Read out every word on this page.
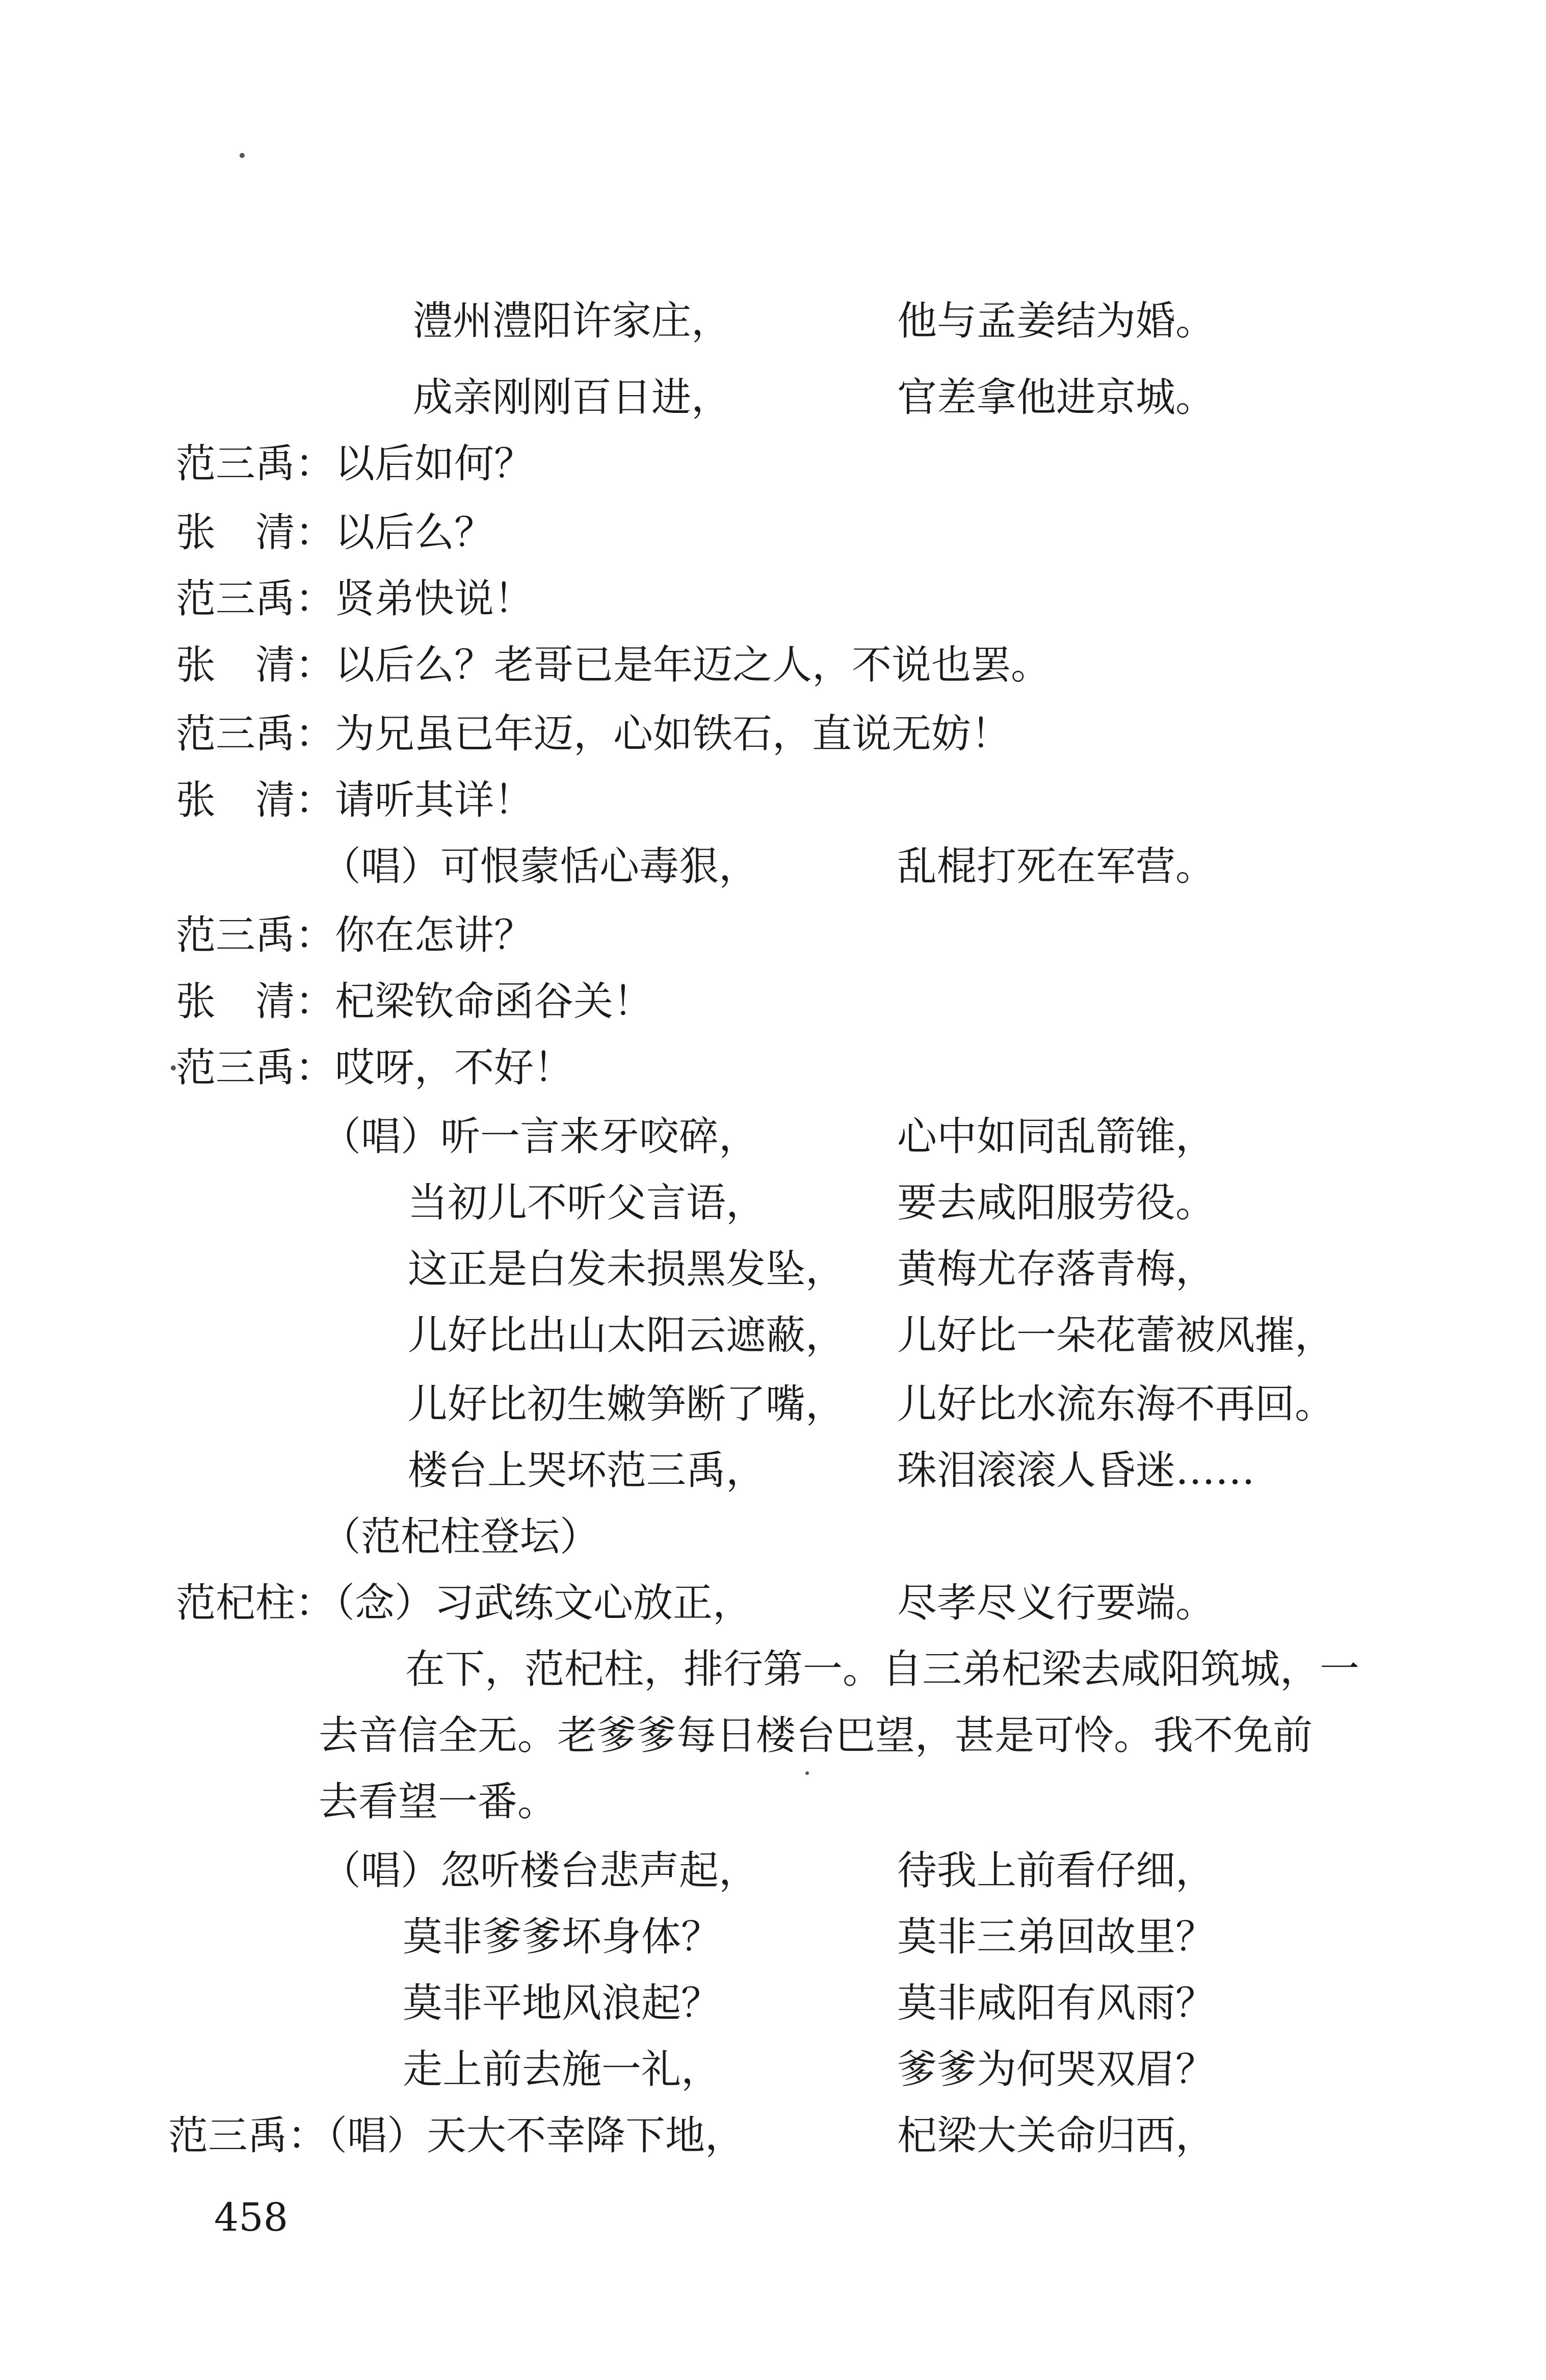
澧州澧阳许家庄，	他与孟姜结为婚。
成亲刚刚百日进，	官差拿他进京城。
范三禹：以后如何？
张　清：以后么？
范三禹：贤弟快说！
张　清：以后么？老哥已是年迈之人，不说也罢。
范三禹：为兄虽已年迈，心如铁石，直说无妨！
张　清：请听其详！
（唱）可恨蒙恬心毒狠，	乱棍打死在军营。
范三禹：你在怎讲？
张　清：杞梁钦命函谷关！
范三禹：哎呀，不好！
（唱）听一言来牙咬碎，	心中如同乱箭锥，
当初儿不听父言语，	要去咸阳服劳役。
这正是白发未损黑发坠， 黄梅尤存落青梅，
儿好比出山太阳云遮蔽， 儿好比一朵花蕾被风摧，
儿好比初生嫩笋断了嘴， 儿好比水流东海不再回。
楼台上哭坏范三禹，	珠泪滚滚人昏迷……
（范杞柱登坛）
范杞柱：（念）习武练文心放正，	尽孝尽义行要端。
在下，范杞柱，排行第一。自三弟杞梁去咸阳筑城，一
去音信全无。老爹爹每日楼台巴望，甚是可怜。我不免前
去看望一番。
（唱）忽听楼台悲声起，	待我上前看仔细，
莫非爹爹坏身体？	莫非三弟回故里？
莫非平地风浪起？	莫非咸阳有风雨？
走上前去施一礼，	爹爹为何哭双眉？
范三禹：（唱）天大不幸降下地，	杞梁大关命归西，
458
